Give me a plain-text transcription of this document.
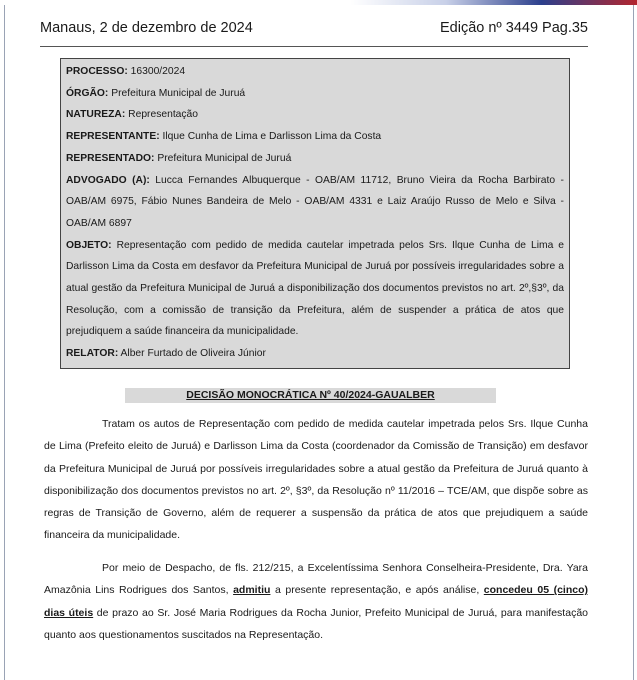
Manaus, 2 de dezembro de 2024	Edição nº 3449 Pag.35

PROCESSO: 16300/2024

ÓRGÃO: Prefeitura Municipal de Juruá

NATUREZA: Representação

REPRESENTANTE: Ilque Cunha de Lima e Darlisson Lima da Costa

REPRESENTADO: Prefeitura Municipal de Juruá

ADVOGADO (A): Lucca Fernandes Albuquerque - OAB/AM 11712, Bruno Vieira da Rocha Barbirato - OAB/AM 6975, Fábio Nunes Bandeira de Melo - OAB/AM 4331 e Laiz Araújo Russo de Melo e Silva - OAB/AM 6897

OBJETO: Representação com pedido de medida cautelar impetrada pelos Srs. Ilque Cunha de Lima e Darlisson Lima da Costa em desfavor da Prefeitura Municipal de Juruá por possíveis irregularidades sobre a atual gestão da Prefeitura Municipal de Juruá a disponibilização dos documentos previstos no art. 2º,§3º, da Resolução, com a comissão de transição da Prefeitura, além de suspender a prática de atos que prejudiquem a saúde financeira da municipalidade.

RELATOR: Alber Furtado de Oliveira Júnior

DECISÃO MONOCRÁTICA Nº 40/2024-GAUALBER

Tratam os autos de Representação com pedido de medida cautelar impetrada pelos Srs. Ilque Cunha de Lima (Prefeito eleito de Juruá) e Darlisson Lima da Costa (coordenador da Comissão de Transição) em desfavor da Prefeitura Municipal de Juruá por possíveis irregularidades sobre a atual gestão da Prefeitura de Juruá quanto à disponibilização dos documentos previstos no art. 2º, §3º, da Resolução nº 11/2016 – TCE/AM, que dispõe sobre as regras de Transição de Governo, além de requerer a suspensão da prática de atos que prejudiquem a saúde financeira da municipalidade.

Por meio de Despacho, de fls. 212/215, a Excelentíssima Senhora Conselheira-Presidente, Dra. Yara Amazônia Lins Rodrigues dos Santos, admitiu a presente representação, e após análise, concedeu 05 (cinco) dias úteis de prazo ao Sr. José Maria Rodrigues da Rocha Junior, Prefeito Municipal de Juruá, para manifestação quanto aos questionamentos suscitados na Representação.
